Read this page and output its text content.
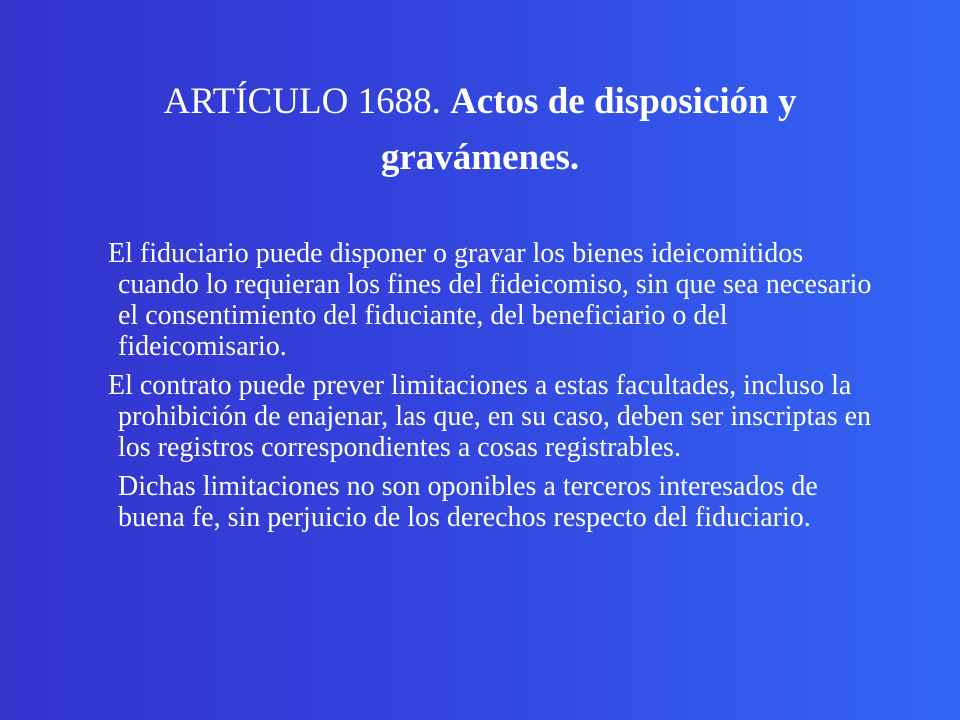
ARTÍCULO 1688. Actos de disposición y gravámenes.

El fiduciario puede disponer o gravar los bienes ideicomitidos cuando lo requieran los fines del fideicomiso, sin que sea necesario el consentimiento del fiduciante, del beneficiario o del fideicomisario.

El contrato puede prever limitaciones a estas facultades, incluso la prohibición de enajenar, las que, en su caso, deben ser inscriptas en los registros correspondientes a cosas registrables.

Dichas limitaciones no son oponibles a terceros interesados de buena fe, sin perjuicio de los derechos respecto del fiduciario.
